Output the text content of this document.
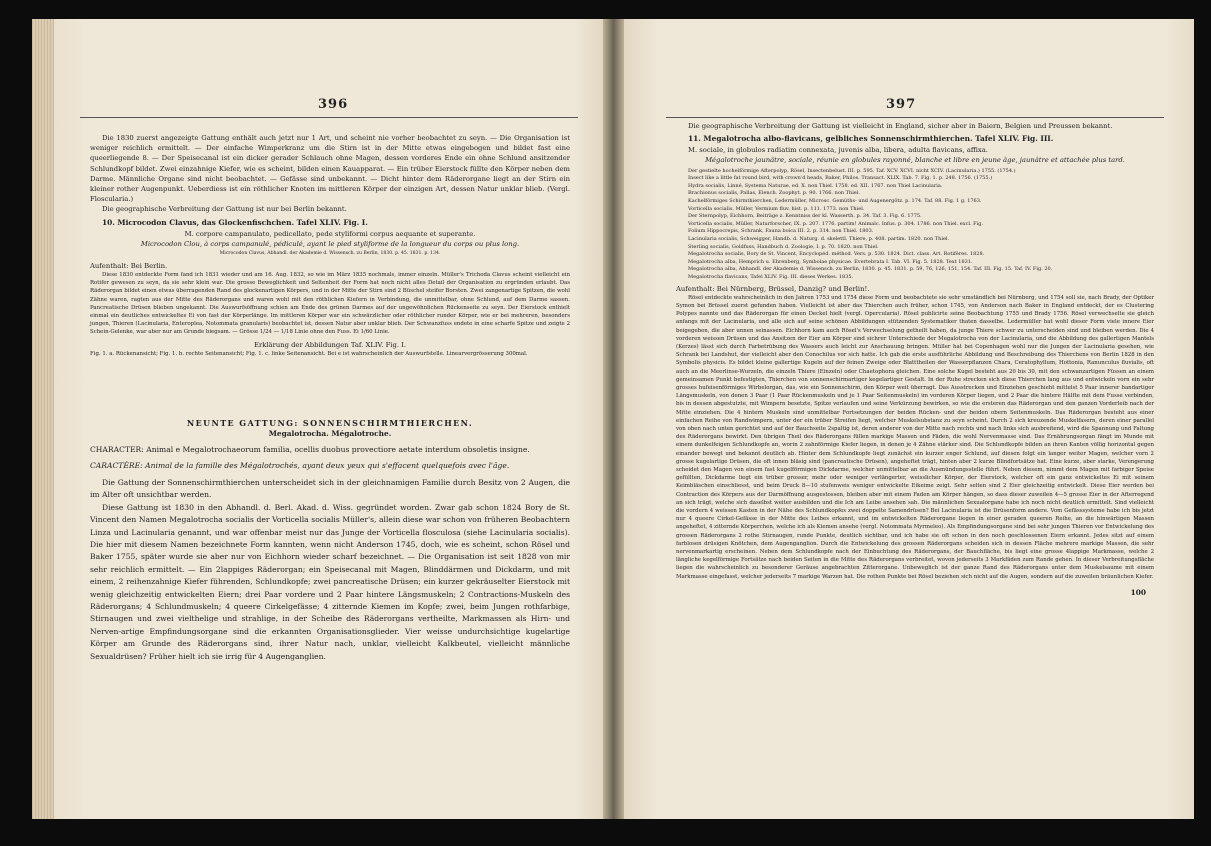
396

Die 1830 zuerst angezeigte Gattung enthält auch jetzt nur 1 Art, und scheint nie vorher beobachtet zu seyn. — Die Organisation ist weniger reichlich ermittelt. — Der einfache Wimperkranz um die Stirn ist in der Mitte etwas eingebogen und bildet fast eine queerliegende 8. — Der Speisecanal ist ein dicker gerader Schlauch ohne Magen, dessen vorderes Ende ein ohne Schlund ansitzender Schlundkopf bildet. Zwei einzahnige Kiefer, wie es scheint, bilden einen Kauapparat. — Ein trüber Eierstock füllte den Körper neben dem Darme. Männliche Organe sind nicht beobachtet. — Gefässe sind unbekannt. — Dicht hinter dem Räderorgane liegt an der Stirn ein kleiner rother Augenpunkt. Ueberdiess ist ein röthlicher Knoten im mittleren Körper der einzigen Art, dessen Natur unklar blieb. (Vergl. Floscularia.)

Die geographische Verbreitung der Gattung ist nur bei Berlin bekannt.

10. Microcodon Clavus, das Glockenfischchen. Tafel XLIV. Fig. I.

M. corpore campanulato, pedicellato, pede styliformi corpus aequante et superante.

Microcodon Clou, à corps campanulé, pédiculé, ayant le pied styliforme de la longueur du corps ou plus long.

Microcodon Clavus, Abhandl. der Akademie d. Wissensch. zu Berlin, 1830. p. 45. 1831. p. 134.

Aufenthalt: Bei Berlin.

Diese 1830 entdeckte Form fand ich 1831 wieder und am 16. Aug. 1832, so wie im März 1835 nochmals, immer einzeln. Müller's Trichoda Clavus scheint vielleicht ein Rotifer gewesen zu seyn, da sie sehr klein war. Die grosse Beweglichkeit und Seltenheit der Form hat noch nicht alles Detail der Organisation zu ergründen erlaubt. Das Räderorgan bildet einen etwas überragenden Rand des glockenartigen Körpers, und in der Mitte der Stirn sind 2 Büschel steifer Borsten. Zwei zangenartige Spitzen, die wohl Zähne waren, ragten aus der Mitte des Räderorgans und waren wohl mit den röthlichen Kiefern in Verbindung, die unmittelbar, ohne Schlund, auf dem Darme sassen. Pancreatische Drüsen blieben ungekannt. Die Auswurfsöffnung schien am Ende des grünen Darmes auf der ungewöhnlichen Rückenseite zu seyn. Der Eierstock enthielt einmal ein deutliches entwickeltes Ei von fast der Körperlänge. Im mittleren Körper war ein schwärzlicher oder röthlicher runder Körper, wie er bei mehreren, besonders jungen, Thieren (Lacinularia, Enteroplea, Notommata granularis) beobachtet ist, dessen Natur aber unklar blieb. Der Schwanzfuss endete in eine scharfe Spitze und zeigte 2 Schein-Gelenke, war aber nur am Grunde biegsam. — Grösse 1/24 — 1/18 Linie ohne den Fuss. Ei 1/60 Linie.

Erklärung der Abbildungen Taf. XLIV. Fig. I.

Fig. 1. a. Rückenansicht; Fig. 1. b. rechte Seitenansicht; Fig. 1. c. linke Seitenansicht. Bei e ist wahrscheinlich der Auswurfstelle. Linearvergrösserung 300mal.

NEUNTE GATTUNG: SONNENSCHIRMTHIERCHEN.

Megalotrocha. Mégalotroche.

CHARACTER: Animal e Megalotrochaeorum familia, ocellis duobus provectiore aetate interdum obsoletis insigne.

CARACTÈRE: Animal de la famille des Mégalotrochés, ayant deux yeux qui s'effacent quelquefois avec l'âge.

Die Gattung der Sonnenschirmthierchen unterscheidet sich in der gleichnamigen Familie durch Besitz von 2 Augen, die im Alter oft unsichtbar werden.

Diese Gattung ist 1830 in den Abhandl. d. Berl. Akad. d. Wiss. gegründet worden. Zwar gab schon 1824 Bory de St. Vincent den Namen Megalotrocha socialis der Vorticella socialis Müller's, allein diese war schon von früheren Beobachtern Linza und Lacinularia genannt, und war offenbar meist nur das Junge der Vorticella flosculosa (siehe Lacinularia socialis). Die hier mit diesem Namen bezeichnete Form kannten, wenn nicht Anderson 1745, doch, wie es scheint, schon Rösel und Baker 1755, später wurde sie aber nur von Eichhorn wieder scharf bezeichnet. — Die Organisation ist seit 1828 von mir sehr reichlich ermittelt. — Ein 2lappiges Räderorgan; ein Speisecanal mit Magen, Blinddärmen und Dickdarm, und mit einem, 2 reihenzahnige Kiefer führenden, Schlundkopfe; zwei pancreatische Drüsen; ein kurzer gekräuselter Eierstock mit wenig gleichzeitig entwickelten Eiern; drei Paar vordere und 2 Paar hintere Längsmuskeln; 2 Contractions-Muskeln des Räderorgans; 4 Schlundmuskeln; 4 queere Cirkelgefässe; 4 zitternde Kiemen im Kopfe; zwei, beim Jungen rothfarbige, Stirnaugen und zwei vielthelige und strahlige, in der Scheibe des Räderorgans vertheilte, Markmassen als Hirn- und Nerven-artige Empfindungsorgane sind die erkannten Organisationsglieder. Vier weisse undurchsichtige kugelartige Körper am Grunde des Räderorgans sind, ihrer Natur nach, unklar, vielleicht Kalkbeutel, vielleicht männliche Sexualdrüsen? Früher hielt ich sie irrig für 4 Augenganglien.

397

Die geographische Verbreitung der Gattung ist vielleicht in England, sicher aber in Baiern, Belgien und Preussen bekannt.

11. Megalotrocha albo-flavicans, gelbliches Sonnenschirmthierchen. Tafel XLIV. Fig. III.

M. sociale, in globulos radiatim connexata, juvenis alba, libera, adulta flavicans, affixa.

Mégalotroche jaunâtre, sociale, réunie en globules rayonné, blanche et libre en jeune âge, jaunâtre et attachée plus tard.

Der gestielte hochelförmige Afterpolyp, Rösel, Insectenbelust. III. p. 595. Taf. XCV. XCVI. nicht XCIV. (Lacinularia.) 1755. (1754.)

Insect like a little fat round bird, with crown'd heads, Baker, Philos. Transact. XLIX. Tab. 7. Fig. 1. p. 248. 1756. (1755.)

Hydra socialis, Linné, Systema Naturae, ed. X. non Thiel. 1758. ed. XII. 1767. non Thiel Lacinularia.

Brachionus socialis, Pallas, Elench. Zoophyt. p. 90. 1766. non Thiel.

Kachelförmiges Schirmthierchen, Ledermüller, Microsc. Gemüths- und Augenergötz. p. 174. Taf. 88. Fig. 1 g. 1763.

Vorticella socialis, Müller, Vermium fluv. hist. p. 111. 1773. non Thiel.

Der Sternpolyp, Eichhorn, Beiträge z. Kenntniss der kl. Wasserth. p. 34. Taf. 3. Fig. 6. 1775.

Vorticella socialis, Müller, Naturforscher, IX. p. 207. 1776. partim! Animalc. Infus. p. 304. 1786. non Thiel. excl. Fig.

Folium Hippocrepis, Schrank, Fauna boica III. 2. p. 314. non Thiel. 1803.

Lacinularia socialis, Schweigger, Handb. d. Naturg. d. skelettl. Thiere, p. 408. partim. 1820. non Thiel.

Sterling socialis, Goldfuss, Handbuch d. Zoologie, I. p. 70. 1820. non Thiel.

Megalotrocha socialis, Bory de St. Vincent, Encyclopéd. méthod. Vers. p. 530. 1824. Dict. class. Art. Rotifères. 1828.

Megalotrocha alba, Hemprich u. Ehrenberg, Symbolae physicae. Evertebrata I. Tab. VI. Fig. 5. 1828. Text 1831.

Megalotrocha alba, Abhandl. der Akademie d. Wissensch. zu Berlin, 1830. p. 45. 1831. p. 59, 76, 126, 151, 154. Taf. III. Fig. 15. Taf. IV. Fig. 20.

Megalotrocha flavicans, Tafel XLIV. Fig. III. dieses Werkes. 1835.

Aufenthalt: Bei Nürnberg, Brüssel, Danzig? und Berlin!.

Rösel entdeckte wahrscheinlich in den Jahren 1753 und 1754 diese Form und beobachtete sie sehr umständlich bei Nürnberg, und 1754 soll sie, nach Brady, der Optiker Symon bei Brüssel zuerst gefunden haben. Vielleicht ist aber das Thierchen auch früher, schon 1745, von Anderson nach Baker in England entdeckt, der es Clustering Polypes nannte und das Räderorgan für einen Deckel hielt (vergl. Opercularia). Rösel publicirte seine Beobachtung 1755 und Brady 1756. Rösel verwechselte sie gleich anfangs mit der Lacinularia, und alle sich auf seine schönen Abbildungen stützenden Systematiker thaten dasselbe. Ledermüller hat wohl dieser Form viele innere Eier beigegeben, die aber unnen seinassen. Eichhorn kam auch Rösel's Verwechselung getheilt haben, da junge Thiere schwer zu unterscheiden sind und bleiben werden. Die 4 vorderen weissen Drüsen und das Ansitzen der Eier am Körper sind sichrer Unterschiede der Megalotrocha von der Lacinularia, und die Abbildung des gallertigen Mantels (Kerzes) lässt sich durch Farbetrübung des Wassers auch leicht zur Anschauung bringen. Müller hat bei Copenhagen wohl nur die Jungen der Lacinularia gesehen, wie Schrank bei Landshut, der vielleicht aber den Conochilus vor sich hatte. Ich gab die erste ausführliche Abbildung und Beschreibung des Thierchens von Berlin 1828 in den Symbolis physicis. Es bildet kleine gallertige Kugeln auf der feinen Zweige oder Blatttheilen der Wasserpflanzen Chara, Ceratophyllum, Hottonia, Ranunculus fluvialis, oft auch an die Meerlinse-Wurzeln, die einzeln Thiere (Einzeln) oder Chaetophora gleichen. Eine solche Kugel besteht aus 20 bis 30, mit den schwanzartigen Füssen an einem gemeinsamen Punkt befestigten, Thierchen von sonnenschirmartiger kegelartiger Gestalt. In der Ruhe strecken sich diese Thierchen lang aus und entwickeln vorn ein sehr grosses hufeisenförmiges Wirbelorgan, das, wie ein Sonnenschirm, den Körper weit überragt. Das Ausstrecken und Einziehen geschieht mittelst 5 Paar innerer bandartiger Längsmuskeln, von denen 3 Paar (1 Paar Rückenmuskeln und je 1 Paar Seitenmuskeln) im vorderen Körper liegen, und 2 Paar die hintere Hälfte mit dem Fusse verbinden, bis in dessen abgestutzte, mit Wimpern besetzte, Spitze verlaufen und seine Verkürzung bewirken, so wie die ersteren das Räderorgan und den ganzen Vorderleib nach der Mitte einziehen. Die 4 hintern Muskeln sind unmittelbar Fortsetzungen der beiden Rücken- und der beiden obern Seitenmuskeln. Das Räderorgan besteht aus einer einfachen Reihe von Randwimpern, unter der ein trüber Streifen liegt, welcher Muskelsubstanz zu seyn scheint. Durch 2 sich kreuzende Muskelfasern, deren einer parallel von oben nach unten gerichtet und auf der Bauchseite 2spaltig ist, deren anderer von der Mitte nach rechts und nach links sich ausbreitend, wird die Spannung und Faltung des Räderorgans bewirkt. Den übrigen Theil des Räderorgans füllen markige Massen und Fäden, die wohl Nervenmasse sind. Das Ernährungsorgan fängt im Munde mit einem dunkelfeigen Schlundkopfe an, worin 2 zahnförmige Kiefer liegen, in denen je 4 Zähne stärker sind. Die Schlundkopfe bilden an ihren Kanten völlig horizontal gegen einander bewegt und bekannt deutlich ab. Hinter dem Schlundkopfe liegt zunächst ein kurzer enger Schlund, auf diesen folgt ein langer weiter Magen, welcher vorn 2 grosse kugelartige Drüsen, die oft innen bläsig sind (pancreatische Drüsen), angeheftet trägt, hinten aber 2 kurze Blindfortsätze hat. Eine kurze, aber starke, Verengerung scheidet den Magen von einem fast kugelförmigen Dickdarme, welcher unmittelbar an die Ausmündungsstelle führt. Neben diesem, nimmt dem Magen mit farbiger Speise gefüllten, Dickdarme liegt ein trüber grosser, mehr oder weniger verlängerter, weisslicher Körper, der Eierstock, welcher oft ein ganz entwickeltes Ei mit seinem Keimbläschen einschliesst, und beim Druck 8—10 stufenweis weniger entwickelte Eikeime zeigt. Sehr selten sind 2 Eier gleichzeitig entwickelt. Diese Eier werden bei Contraction des Körpers aus der Darmöffnung ausgestossen, bleiben aber mit einem Faden am Körper hängen, so dass dieser zuweilen 4—5 grosse Eier in der Afterregend an sich trägt, welche sich daselbst weiter ausbilden und die Ich am Leibe ansehen sah. Die männlichen Sexualorgane habe ich noch nicht deutlich ermittelt. Sind vielleicht die vordern 4 weissen Kasten in der Nähe des Schlundkopfes zwei doppelte Samendrüsen? Bei Lacinularia ist die Drüsenform andere. Vom Gefässsysteme habe ich bis jetzt nur 4 queere Cirkel-Gefässe in der Mitte des Leibes erkannt, und im entwickelten Räderorgane liegen in einer geraden queeren Reihe, an die hinwärtigen Massen angeheftet, 4 zitternde Körperchen, welche ich als Kiemen ansehe (vergl. Notommata Myrmeleo). Als Empfindungsorgane sind bei sehr jungen Thieren vor Entwickelung des grossen Räderorgans 2 rothe Stirnaugen, runde Punkte, deutlich sichtbar, und ich habe sie oft schon in den noch geschlossenen Eiern erkannt. Jedes sitzt auf einem farblosen drüsigen Knötchen, dem Augenganglion. Durch die Entwickelung des grossen Räderorgans scheiden sich in dessen Fläche mehrere markige Massen, die sehr nervenmarkartig erscheinen. Neben dem Schlundkopfe nach der Einbuchtung des Räderorgans, der Bauchfläche, bis liegt eine grosse 4lappige Markmasse, welche 2 längliche kegelförmige Fortsätze nach beiden Seiten in die Mitte des Räderorgans verbreitet, wovon jederseits 3 Markfäden zum Rande gehen. In dieser Verbreitungsfläche liegen die wahrscheinlich zu besonderer Geräuse angebrachten Zitterorgane. Unbeweglich ist der ganze Rand des Räderorgans unter dem Muskelsaume mit einem Markmasse eingefasst, welcher jederseits 7 markige Warzen hat. Die rothen Punkte bei Rösel beziehen sich nicht auf die Augen, sondern auf die zuweilen bräunlichen Kiefer.

100
